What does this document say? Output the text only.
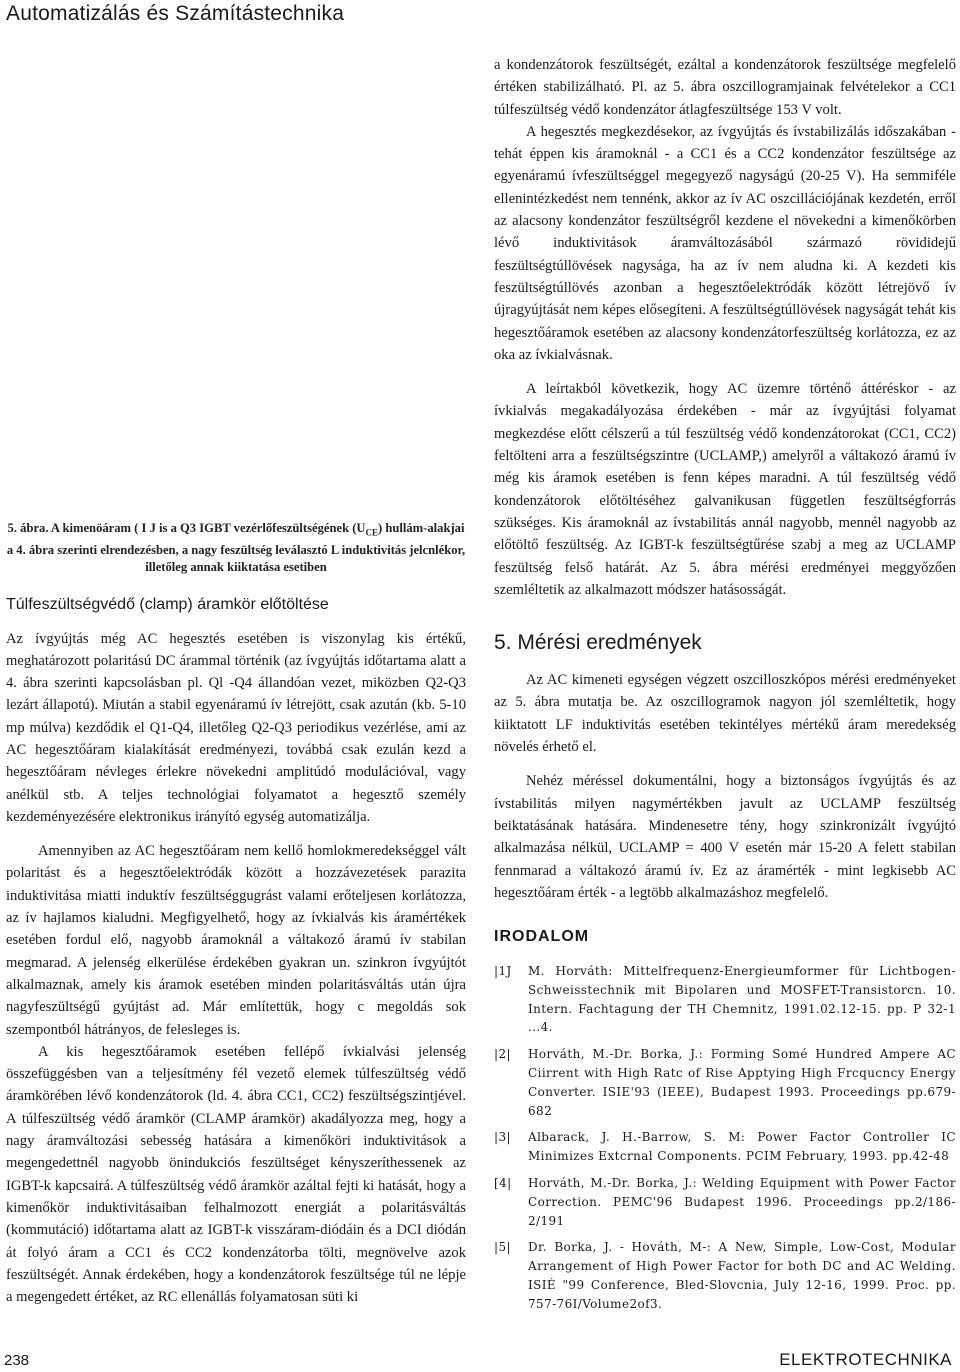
Automatizálás és Számítástechnika
5. ábra. A kimenöáram ( I J is a Q3 IGBT vezérlőfeszültségének $(U_{CE})$ hullám-alakjai a 4. ábra szerinti elrendezésben, a nagy feszültség leválasztó L induktivitás jelcnlékor, illetőleg annak kiiktatása esetiben
Túlfeszültségvédő (clamp) áramkör előtöltése

Az ívgyújtás még AC hegesztés esetében is viszonylag kis értékű, meghatározott polaritású DC árammal történik (az ívgyújtás időtartama alatt a 4. ábra szerinti kapcsolásban pl. Ql -Q4 állandóan vezet, miközben Q2-Q3 lezárt állapotú). Miután a stabil egyenáramú ív létrejött, csak azután (kb. 5-10 mp múlva) kezdődik el Q1-Q4, illetőleg Q2-Q3 periodikus vezérlése, ami az AC hegesztőáram kialakítását eredményezi, továbbá csak ezulán kezd a hegesztőáram névleges érlekre növekedni amplitúdó modulációval, vagy anélkül stb. A teljes technológiai folyamatot a hegesztő személy kezdeményezésére elektronikus irányító egység automatizálja.

Amennyiben az AC hegesztőáram nem kellő homlokmeredekséggel vált polaritást és a hegesztőelektródák között a hozzávezetések parazita induktivitása miatti induktív feszültséggugrást valami erőteljesen korlátozza, az ív hajlamos kialudni. Megfigyelhető, hogy az ívkialvás kis áramértékek esetében fordul elő, nagyobb áramoknál a váltakozó áramú ív stabilan megmarad. A jelenség elkerülése érdekében gyakran un. szinkron ívgyújtót alkalmaznak, amely kis áramok esetében minden polaritásváltás után újra nagyfeszültségű gyújtást ad. Már említettük, hogy c megoldás sok szempontból hátrányos, de felesleges is.

A kis hegesztőáramok esetében fellépő ívkialvási jelenség összefüggésben van a teljesítmény fél vezető elemek túlfeszültség védő áramkörében lévő kondenzátorok (ld. 4. ábra CC1, CC2) feszültségszintjével. A túlfeszültség védő áramkör (CLAMP áramkör) akadályozza meg, hogy a nagy áramváltozási sebesség hatására a kimenőköri induktivitások a megengedettnél nagyobb önindukciós feszültséget kényszeríthessenek az IGBT-k kapcsairá. A túlfeszültség védő áramkör azáltal fejti ki hatását, hogy a kimenőkör induktivitásaiban felhalmozott energiát a polaritásváltás (kommutáció) időtartama alatt az IGBT-k visszáram-diódáin és a DCI diódán át folyó áram a CC1 és CC2 kondenzátorba tölti, megnövelve azok feszültségét. Annak érdekében, hogy a kondenzátorok feszültsége túl ne lépje a megengedett értéket, az RC ellenállás folyamatosan süti ki

a kondenzátorok feszültségét, ezáltal a kondenzátorok feszültsége megfelelő értéken stabilizálható. Pl. az 5. ábra oszcillogramjainak felvételekor a CC1 túlfeszültség védő kondenzátor átlagfeszültsége 153 V volt.

A hegesztés megkezdésekor, az ívgyújtás és ívstabilizálás időszakában - tehát éppen kis áramoknál - a CC1 és a CC2 kondenzátor feszültsége az egyenáramú ívfeszültséggel megegyező nagyságú (20-25 V). Ha semmiféle ellenintézkedést nem tennénk, akkor az ív AC oszcillációjának kezdetén, erről az alacsony kondenzátor feszültségről kezdene el növekedni a kimenőkörben lévő induktivitások áramváltozásából származó rövididejű feszültségtúllövések nagysága, ha az ív nem aludna ki. A kezdeti kis feszültségtúllövés azonban a hegesztőelektródák között létrejövő ív újragyújtását nem képes elősegíteni. A feszültségtúllövések nagyságát tehát kis hegesztőáramok esetében az alacsony kondenzátorfeszültség korlátozza, ez az oka az ívkialvásnak.

A leírtakból következik, hogy AC üzemre történő áttéréskor - az ívkialvás megakadályozása érdekében - már az ívgyújtási folyamat megkezdése előtt célszerű a túl feszültség védő kondenzátorokat (CC1, CC2) feltölteni arra a feszültségszintre (UCLAMP,) amelyről a váltakozó áramú ív még kis áramok esetében is fenn képes maradni. A túl feszültség védő kondenzátorok előtöltéséhez galvanikusan független feszültségforrás szükséges. Kis áramoknál az ívstabilitás annál nagyobb, mennél nagyobb az előtöltő feszültség. Az IGBT-k feszültségtűrése szabj a meg az UCLAMP feszültség felső határát. Az 5. ábra mérési eredményei meggyőzően szemléltetik az alkalmazott módszer hatásosságát.

5. Mérési eredmények

Az AC kimeneti egységen végzett oszcilloszkópos mérési eredményeket az 5. ábra mutatja be. Az oszcillogramok nagyon jól szemléltetik, hogy kiiktatott LF induktivitás esetében tekintélyes mértékű áram meredekség növelés érhető el.

Nehéz méréssel dokumentálni, hogy a biztonságos ívgyújtás és az ívstabilitás milyen nagymértékben javult az UCLAMP feszültség beiktatásának hatására. Mindenesetre tény, hogy szinkronizált ívgyújtó alkalmazása nélkül, UCLAMP = 400 V esetén már 15-20 A felett stabilan fennmarad a váltakozó áramú ív. Ez az áramérték - mint legkisebb AC hegesztőáram érték - a legtöbb alkalmazáshoz megfelelő.

IRODALOM
|1J M. Horváth: Mittelfrequenz-Energieumformer für Lichtbogen-Schweisstechnik mit Bipolaren und MOSFET-Transistorcn. 10. Intern. Fachtagung der TH Chemnitz, 1991.02.12-15. pp. P 32-1 ...4.
|2| Horváth, M.-Dr. Borka, J.: Forming Somé Hundred Ampere AC Ciirrent with High Ratc of Rise Apptying High Frcqucncy Energy Converter. ISIE'93 (IEEE), Budapest 1993. Proceedings pp.679-682
|3| Albarack, J. H.-Barrow, S. M: Power Factor Controller IC Minimizes Extcrnal Components. PCIM February, 1993. pp.42-48
[4| Horváth, M.-Dr. Borka, J.: Welding Equipment with Power Factor Correction. PEMC'96 Budapest 1996. Proceedings pp.2/186-2/191
|5| Dr. Borka, J. - Hováth, M-: A New, Simple, Low-Cost, Modular Arrangement of High Power Factor for both DC and AC Welding. ISIÉ "99 Conference, Bled-Slovcnia, July 12-16, 1999. Proc. pp. 757-76I/Volume2of3.
238	ELEKTROTECHNIKA
